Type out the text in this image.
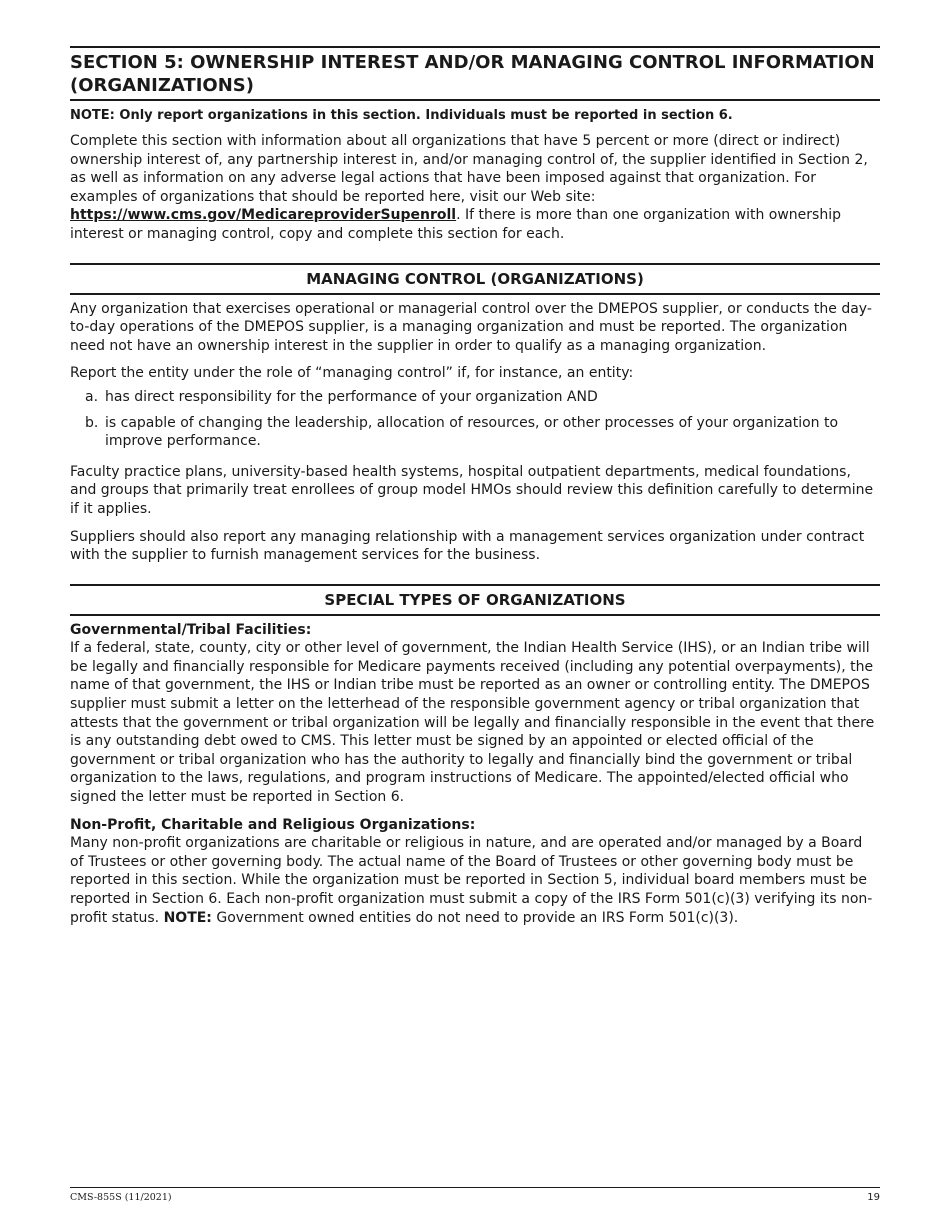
SECTION 5: OWNERSHIP INTEREST AND/OR MANAGING CONTROL INFORMATION (ORGANIZATIONS)
NOTE: Only report organizations in this section. Individuals must be reported in section 6.

Complete this section with information about all organizations that have 5 percent or more (direct or indirect) ownership interest of, any partnership interest in, and/or managing control of, the supplier identified in Section 2, as well as information on any adverse legal actions that have been imposed against that organization. For examples of organizations that should be reported here, visit our Web site: https://www.cms.gov/MedicareproviderSupenroll. If there is more than one organization with ownership interest or managing control, copy and complete this section for each.

MANAGING CONTROL (ORGANIZATIONS)

Any organization that exercises operational or managerial control over the DMEPOS supplier, or conducts the day-to-day operations of the DMEPOS supplier, is a managing organization and must be reported. The organization need not have an ownership interest in the supplier in order to qualify as a managing organization.

Report the entity under the role of “managing control” if, for instance, an entity:

a. has direct responsibility for the performance of your organization AND
b. is capable of changing the leadership, allocation of resources, or other processes of your organization to improve performance.

Faculty practice plans, university-based health systems, hospital outpatient departments, medical foundations, and groups that primarily treat enrollees of group model HMOs should review this definition carefully to determine if it applies.

Suppliers should also report any managing relationship with a management services organization under contract with the supplier to furnish management services for the business.

SPECIAL TYPES OF ORGANIZATIONS
Governmental/Tribal Facilities:

If a federal, state, county, city or other level of government, the Indian Health Service (IHS), or an Indian tribe will be legally and financially responsible for Medicare payments received (including any potential overpayments), the name of that government, the IHS or Indian tribe must be reported as an owner or controlling entity. The DMEPOS supplier must submit a letter on the letterhead of the responsible government agency or tribal organization that attests that the government or tribal organization will be legally and financially responsible in the event that there is any outstanding debt owed to CMS. This letter must be signed by an appointed or elected official of the government or tribal organization who has the authority to legally and financially bind the government or tribal organization to the laws, regulations, and program instructions of Medicare. The appointed/elected official who signed the letter must be reported in Section 6.

Non-Profit, Charitable and Religious Organizations:

Many non-profit organizations are charitable or religious in nature, and are operated and/or managed by a Board of Trustees or other governing body. The actual name of the Board of Trustees or other governing body must be reported in this section. While the organization must be reported in Section 5, individual board members must be reported in Section 6. Each non-profit organization must submit a copy of the IRS Form 501(c)(3) verifying its non-profit status. NOTE: Government owned entities do not need to provide an IRS Form 501(c)(3).

CMS-855S (11/2021)	19
